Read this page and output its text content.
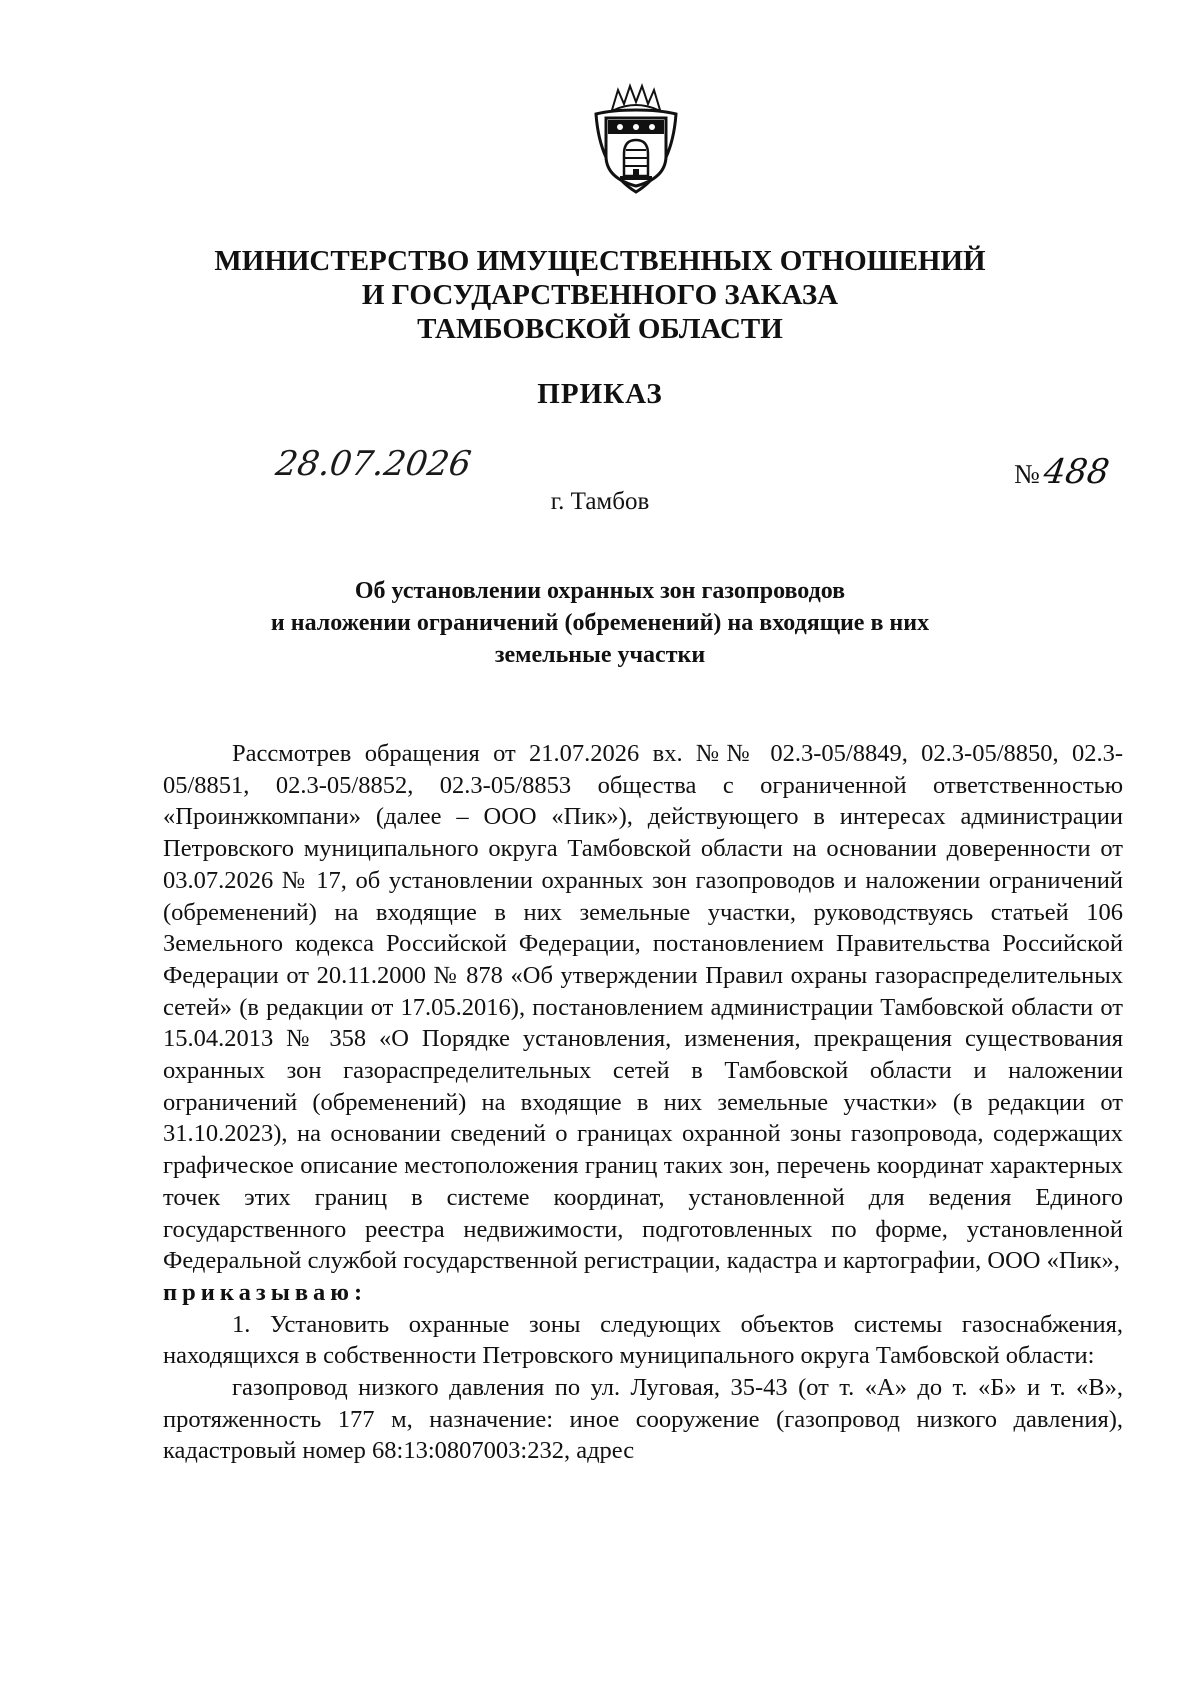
МИНИСТЕРСТВО ИМУЩЕСТВЕННЫХ ОТНОШЕНИЙ
И ГОСУДАРСТВЕННОГО ЗАКАЗА
ТАМБОВСКОЙ ОБЛАСТИ
ПРИКАЗ
28.07.2026	№488
г. Тамбов
Об установлении охранных зон газопроводов
и наложении ограничений (обременений) на входящие в них
земельные участки

Рассмотрев обращения от 21.07.2026 вх. №№ 02.3-05/8849, 02.3-05/8850, 02.3-05/8851, 02.3-05/8852, 02.3-05/8853 общества с ограниченной ответственностью «Проинжкомпани» (далее – ООО «Пик»), действующего в интересах администрации Петровского муниципального округа Тамбовской области на основании доверенности от 03.07.2026 № 17, об установлении охранных зон газопроводов и наложении ограничений (обременений) на входящие в них земельные участки, руководствуясь статьей 106 Земельного кодекса Российской Федерации, постановлением Правительства Российской Федерации от 20.11.2000 № 878 «Об утверждении Правил охраны газораспределительных сетей» (в редакции от 17.05.2016), постановлением администрации Тамбовской области от 15.04.2013 № 358 «О Порядке установления, изменения, прекращения существования охранных зон газораспределительных сетей в Тамбовской области и наложении ограничений (обременений) на входящие в них земельные участки» (в редакции от 31.10.2023), на основании сведений о границах охранной зоны газопровода, содержащих графическое описание местоположения границ таких зон, перечень координат характерных точек этих границ в системе координат, установленной для ведения Единого государственного реестра недвижимости, подготовленных по форме, установленной Федеральной службой государственной регистрации, кадастра и картографии, ООО «Пик»,

приказываю:

1. Установить охранные зоны следующих объектов системы газоснабжения, находящихся в собственности Петровского муниципального округа Тамбовской области:

газопровод низкого давления по ул. Луговая, 35-43 (от т. «А» до т. «Б» и т. «В», протяженность 177 м, назначение: иное сооружение (газопровод низкого давления), кадастровый номер 68:13:0807003:232, адрес
